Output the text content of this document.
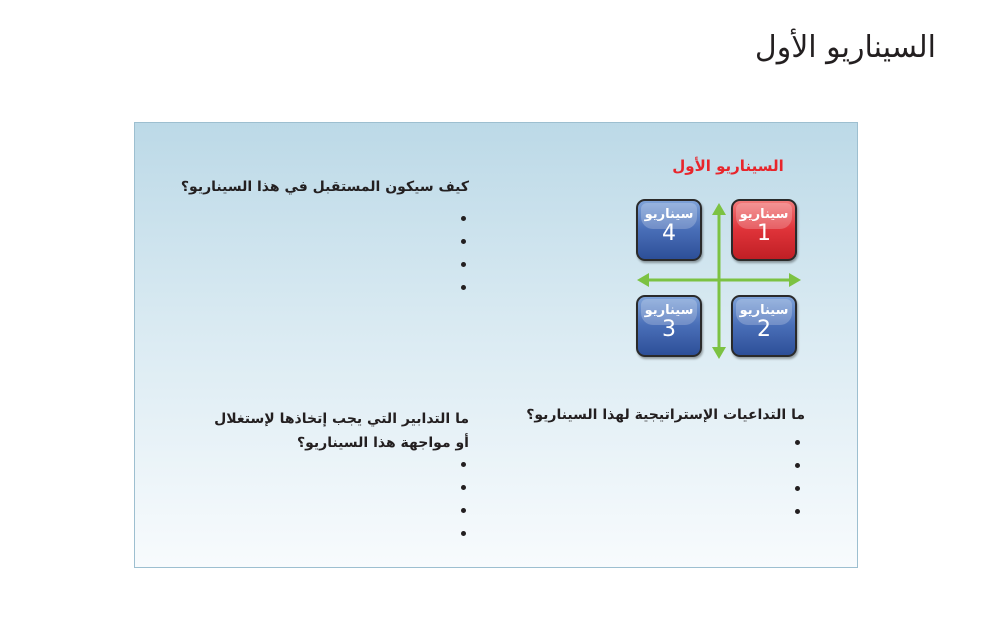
السيناريو الأول
كيف سيكون المستقبل في هذا السيناريو؟
ما التدابير التي يجب إتخاذها لإستغلال
أو مواجهة هذا السيناريو؟
ما التداعيات الإستراتيجية لهذا السيناريو؟
السيناريو الأول
سيناريو
1
سيناريو
4
سيناريو
2
سيناريو
3
